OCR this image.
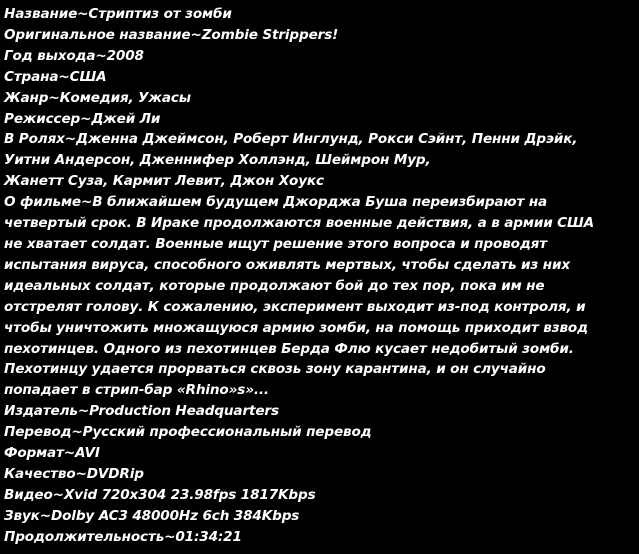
Название~Стриптиз от зомби
Оригинальное название~Zombie Strippers!
Год выхода~2008
Страна~США
Жанр~Комедия, Ужасы
Режиссер~Джей Ли
В Ролях~Дженна Джеймсон, Роберт Инглунд, Рокси Сэйнт, Пенни Дрэйк,
Уитни Андерсон, Дженнифер Холлэнд, Шеймрон Мур,
Жанетт Суза, Кармит Левит, Джон Хоукс
О фильме~В ближайшем будущем Джорджа Буша переизбирают на
четвертый срок. В Ираке продолжаются военные действия, а в армии США
не хватает солдат. Военные ищут решение этого вопроса и проводят
испытания вируса, способного оживлять мертвых, чтобы сделать из них
идеальных солдат, которые продолжают бой до тех пор, пока им не
отстрелят голову. К сожалению, эксперимент выходит из-под контроля, и
чтобы уничтожить множащуюся армию зомби, на помощь приходит взвод
пехотинцев. Одного из пехотинцев Берда Флю кусает недобитый зомби.
Пехотинцу удается прорваться сквозь зону карантина, и он случайно
попадает в стрип-бар «Rhino»s»...
Издатель~Production Headquarters
Перевод~Русский профессиональный перевод
Формат~AVI
Качество~DVDRip
Видео~Xvid 720x304 23.98fps 1817Kbps
Звук~Dolby AC3 48000Hz 6ch 384Kbps
Продолжительность~01:34:21
